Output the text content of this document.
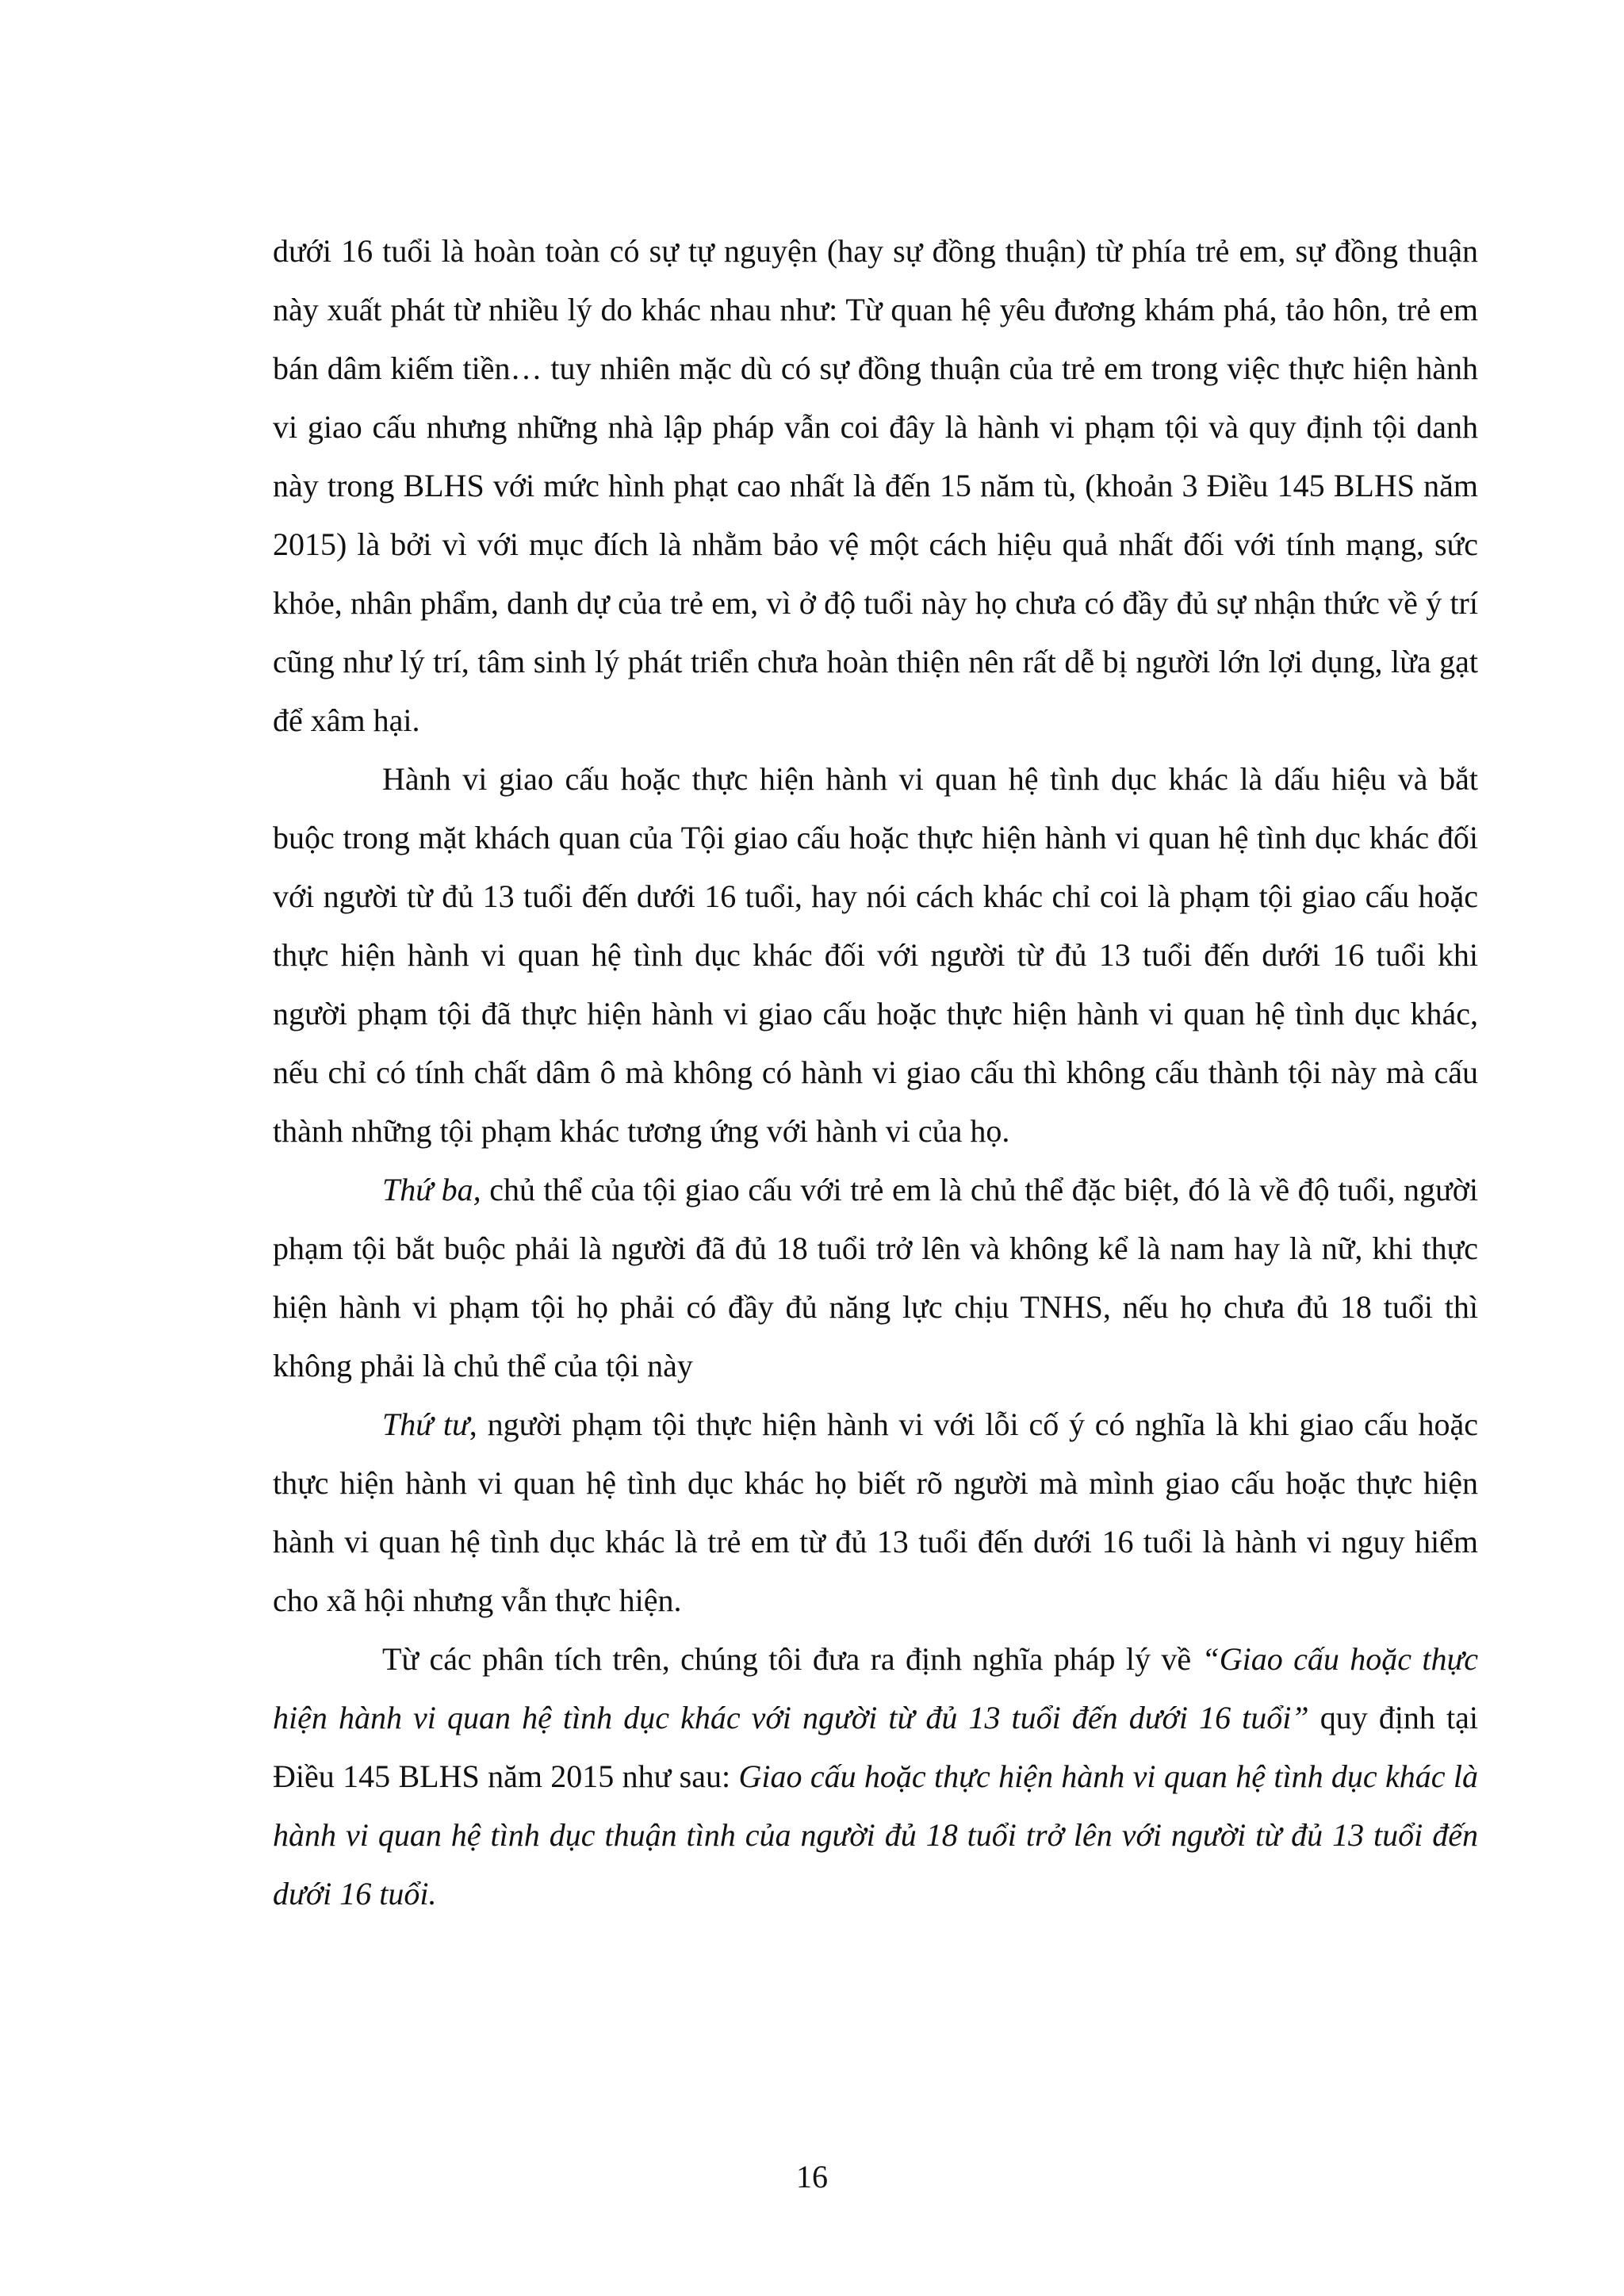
dưới 16 tuổi là hoàn toàn có sự tự nguyện (hay sự đồng thuận) từ phía trẻ em, sự đồng thuận này xuất phát từ nhiều lý do khác nhau như: Từ quan hệ yêu đương khám phá, tảo hôn, trẻ em bán dâm kiếm tiền… tuy nhiên mặc dù có sự đồng thuận của trẻ em trong việc thực hiện hành vi giao cấu nhưng những nhà lập pháp vẫn coi đây là hành vi phạm tội và quy định tội danh này trong BLHS với mức hình phạt cao nhất là đến 15 năm tù, (khoản 3 Điều 145 BLHS năm 2015) là bởi vì với mục đích là nhằm bảo vệ một cách hiệu quả nhất đối với tính mạng, sức khỏe, nhân phẩm, danh dự của trẻ em, vì ở độ tuổi này họ chưa có đầy đủ sự nhận thức về ý trí cũng như lý trí, tâm sinh lý phát triển chưa hoàn thiện nên rất dễ bị người lớn lợi dụng, lừa gạt để xâm hại.

Hành vi giao cấu hoặc thực hiện hành vi quan hệ tình dục khác là dấu hiệu và bắt buộc trong mặt khách quan của Tội giao cấu hoặc thực hiện hành vi quan hệ tình dục khác đối với người từ đủ 13 tuổi đến dưới 16 tuổi, hay nói cách khác chỉ coi là phạm tội giao cấu hoặc thực hiện hành vi quan hệ tình dục khác đối với người từ đủ 13 tuổi đến dưới 16 tuổi khi người phạm tội đã thực hiện hành vi giao cấu hoặc thực hiện hành vi quan hệ tình dục khác, nếu chỉ có tính chất dâm ô mà không có hành vi giao cấu thì không cấu thành tội này mà cấu thành những tội phạm khác tương ứng với hành vi của họ.

Thứ ba, chủ thể của tội giao cấu với trẻ em là chủ thể đặc biệt, đó là về độ tuổi, người phạm tội bắt buộc phải là người đã đủ 18 tuổi trở lên và không kể là nam hay là nữ, khi thực hiện hành vi phạm tội họ phải có đầy đủ năng lực chịu TNHS, nếu họ chưa đủ 18 tuổi thì không phải là chủ thể của tội này

Thứ tư, người phạm tội thực hiện hành vi với lỗi cố ý có nghĩa là khi giao cấu hoặc thực hiện hành vi quan hệ tình dục khác họ biết rõ người mà mình giao cấu hoặc thực hiện hành vi quan hệ tình dục khác là trẻ em từ đủ 13 tuổi đến dưới 16 tuổi là hành vi nguy hiểm cho xã hội nhưng vẫn thực hiện.

Từ các phân tích trên, chúng tôi đưa ra định nghĩa pháp lý về “Giao cấu hoặc thực hiện hành vi quan hệ tình dục khác với người từ đủ 13 tuổi đến dưới 16 tuổi” quy định tại Điều 145 BLHS năm 2015 như sau: Giao cấu hoặc thực hiện hành vi quan hệ tình dục khác là hành vi quan hệ tình dục thuận tình của người đủ 18 tuổi trở lên với người từ đủ 13 tuổi đến dưới 16 tuổi.

16
